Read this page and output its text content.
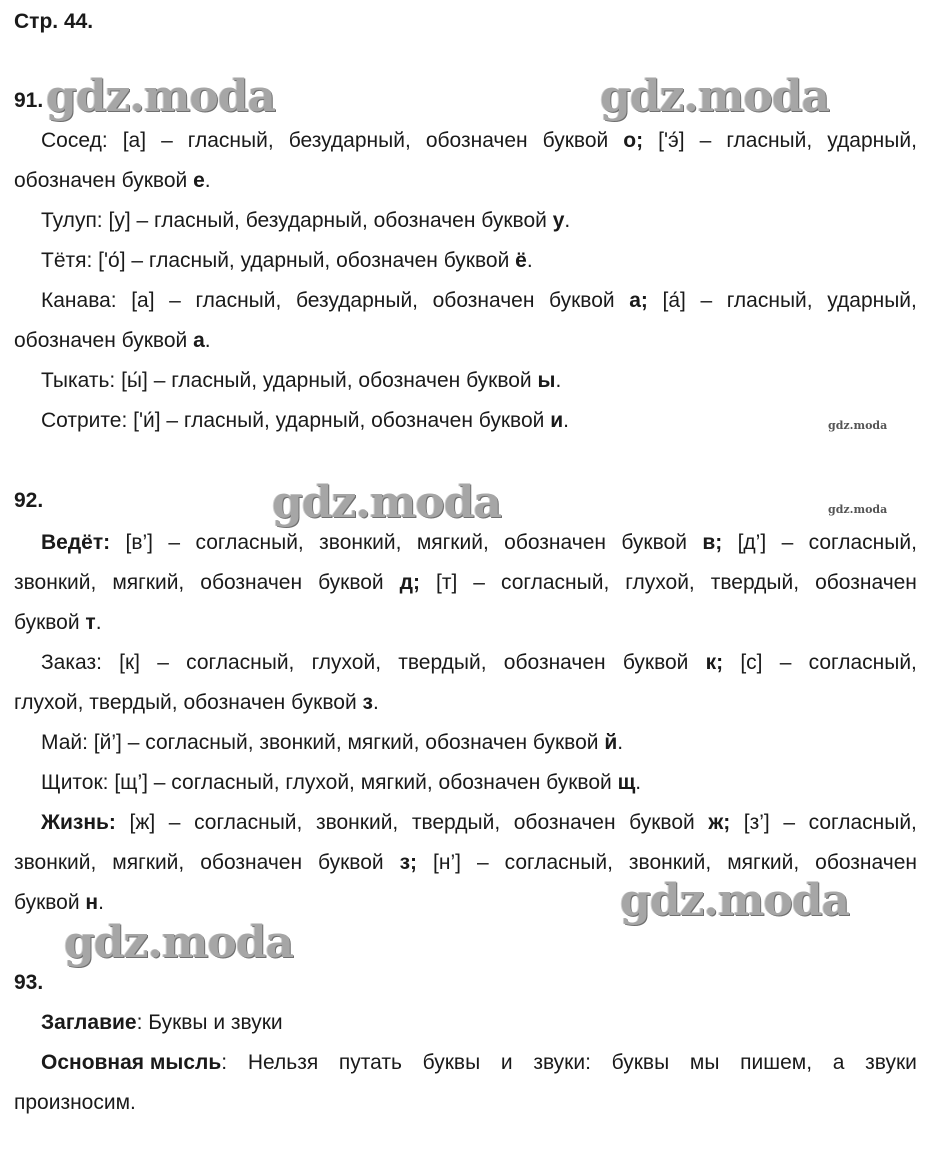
Стр. 44.
91.
Сосед: [а] – гласный, безударный, обозначен буквой о; [ʹэ́] – гласный, ударный,
обозначен буквой е.
Тулуп: [у] – гласный, безударный, обозначен буквой у.
Тётя: [ʹо́] – гласный, ударный, обозначен буквой ё.
Канава: [а] – гласный, безударный, обозначен буквой а; [а́] – гласный, ударный,
обозначен буквой а.
Тыкать: [ы́] – гласный, ударный, обозначен буквой ы.
Сотрите: [ʹи́] – гласный, ударный, обозначен буквой и.
92.
Ведёт: [в’] – согласный, звонкий, мягкий, обозначен буквой в; [д’] – согласный,
звонкий, мягкий, обозначен буквой д; [т] – согласный, глухой, твердый, обозначен
буквой т.
Заказ: [к] – согласный, глухой, твердый, обозначен буквой к; [с] – согласный,
глухой, твердый, обозначен буквой з.
Май: [й’] – согласный, звонкий, мягкий, обозначен буквой й.
Щиток: [щ’] – согласный, глухой, мягкий, обозначен буквой щ.
Жизнь: [ж] – согласный, звонкий, твердый, обозначен буквой ж; [з’] – согласный,
звонкий, мягкий, обозначен буквой з; [н’] – согласный, звонкий, мягкий, обозначен
буквой н.
93.
Заглавие: Буквы и звуки
Основная мысль: Нельзя путать буквы и звуки: буквы мы пишем, а звуки
произносим.
gdz.moda	gdz.moda
gdz.moda
gdz.moda
gdz.moda
gdz.moda
gdz.moda
